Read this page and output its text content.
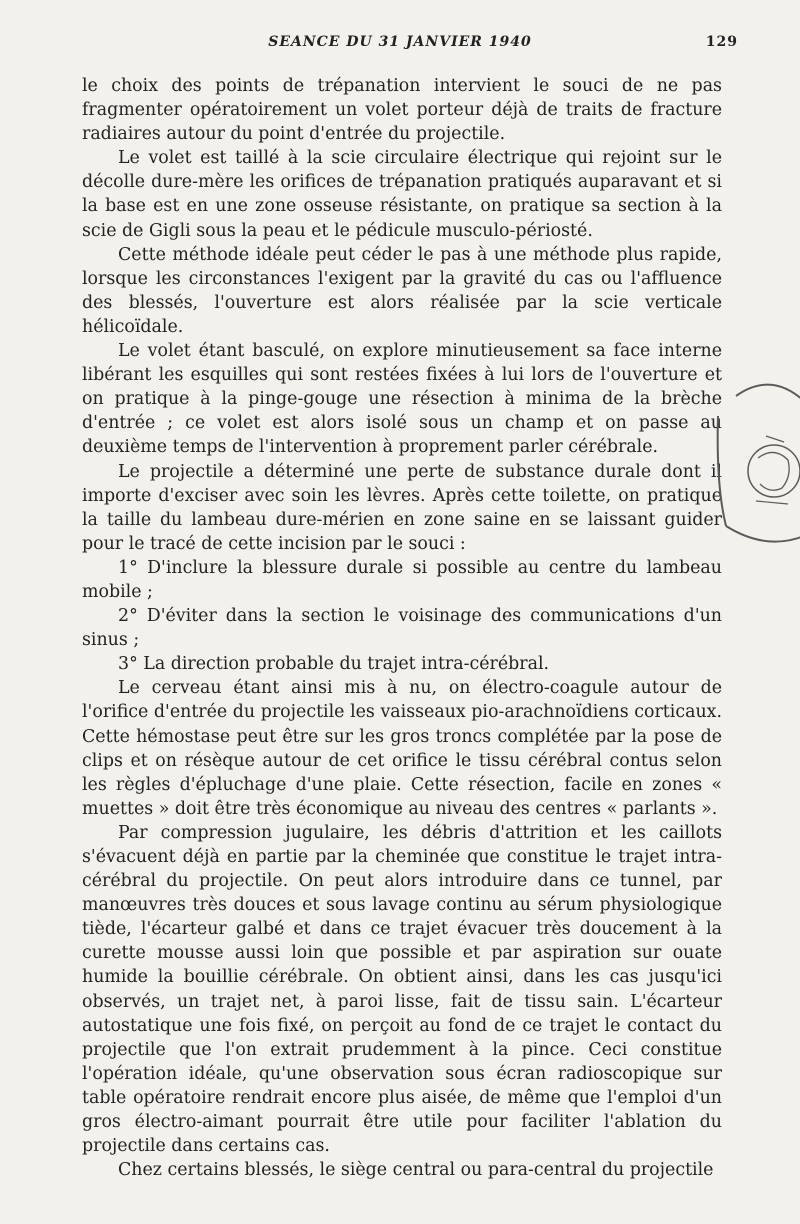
SEANCE DU 31 JANVIER 1940	129

le choix des points de trépanation intervient le souci de ne pas fragmenter opératoirement un volet porteur déjà de traits de fracture radiaires autour du point d'entrée du projectile.

Le volet est taillé à la scie circulaire électrique qui rejoint sur le décolle dure-mère les orifices de trépanation pratiqués auparavant et si la base est en une zone osseuse résistante, on pratique sa section à la scie de Gigli sous la peau et le pédicule musculo-périosté.

Cette méthode idéale peut céder le pas à une méthode plus rapide, lorsque les circonstances l'exigent par la gravité du cas ou l'affluence des blessés, l'ouverture est alors réalisée par la scie verticale hélicoïdale.

Le volet étant basculé, on explore minutieusement sa face interne libérant les esquilles qui sont restées fixées à lui lors de l'ouverture et on pratique à la pinge-gouge une résection à minima de la brèche d'entrée ; ce volet est alors isolé sous un champ et on passe au deuxième temps de l'intervention à proprement parler cérébrale.

Le projectile a déterminé une perte de substance durale dont il importe d'exciser avec soin les lèvres. Après cette toilette, on pratique la taille du lambeau dure-mérien en zone saine en se laissant guider pour le tracé de cette incision par le souci :

1° D'inclure la blessure durale si possible au centre du lambeau mobile ;

2° D'éviter dans la section le voisinage des communications d'un sinus ;

3° La direction probable du trajet intra-cérébral.

Le cerveau étant ainsi mis à nu, on électro-coagule autour de l'orifice d'entrée du projectile les vaisseaux pio-arachnoïdiens corticaux. Cette hémostase peut être sur les gros troncs complétée par la pose de clips et on résèque autour de cet orifice le tissu cérébral contus selon les règles d'épluchage d'une plaie. Cette résection, facile en zones « muettes » doit être très économique au niveau des centres « parlants ».

Par compression jugulaire, les débris d'attrition et les caillots s'évacuent déjà en partie par la cheminée que constitue le trajet intra-cérébral du projectile. On peut alors introduire dans ce tunnel, par manœuvres très douces et sous lavage continu au sérum physiologique tiède, l'écarteur galbé et dans ce trajet évacuer très doucement à la curette mousse aussi loin que possible et par aspiration sur ouate humide la bouillie cérébrale. On obtient ainsi, dans les cas jusqu'ici observés, un trajet net, à paroi lisse, fait de tissu sain. L'écarteur autostatique une fois fixé, on perçoit au fond de ce trajet le contact du projectile que l'on extrait prudemment à la pince. Ceci constitue l'opération idéale, qu'une observation sous écran radioscopique sur table opératoire rendrait encore plus aisée, de même que l'emploi d'un gros électro-aimant pourrait être utile pour faciliter l'ablation du projectile dans certains cas.

Chez certains blessés, le siège central ou para-central du projectile
